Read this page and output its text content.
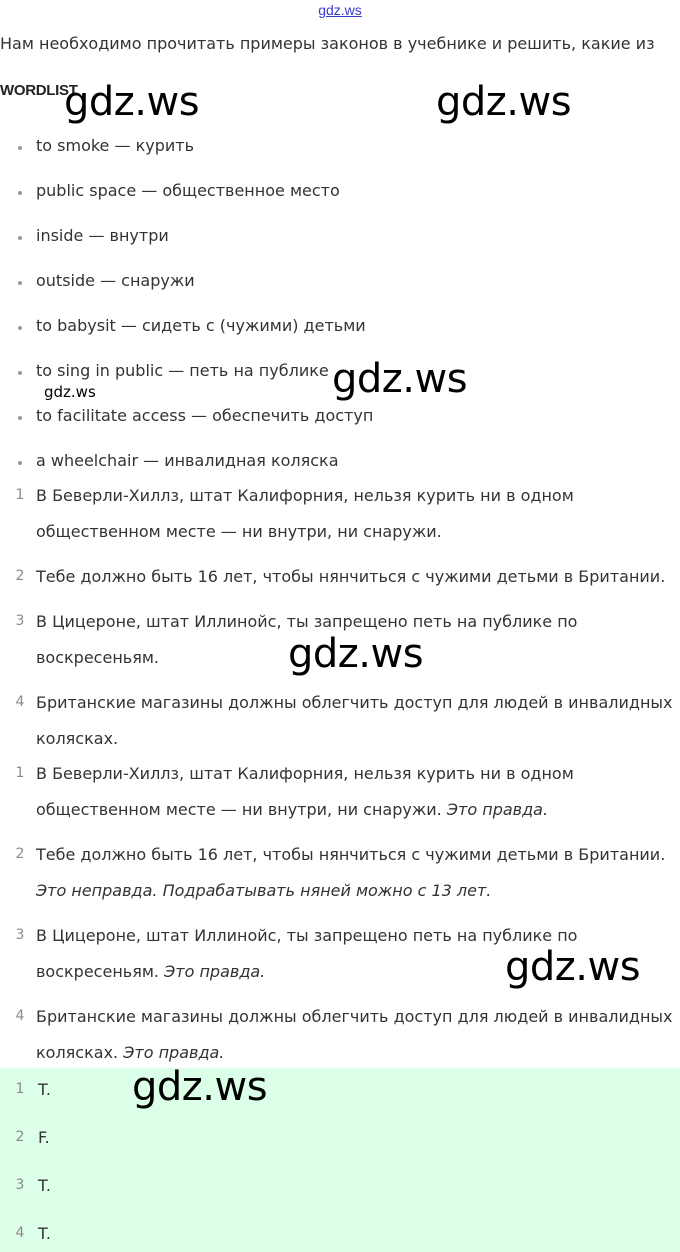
gdz.ws
Нам необходимо прочитать примеры законов в учебнике и решить, какие из
WORDLIST
to smoke — курить
public space — общественное место
inside — внутри
outside — снаружи
to babysit — сидеть с (чужими) детьми
to sing in public — петь на публике
to facilitate access — обеспечить доступ
a wheelchair — инвалидная коляска
1 В Беверли-Хиллз, штат Калифорния, нельзя курить ни в одном общественном месте — ни внутри, ни снаружи.
2 Тебе должно быть 16 лет, чтобы нянчиться с чужими детьми в Британии.
3 В Цицероне, штат Иллинойс, ты запрещено петь на публике по воскресеньям.
4 Британские магазины должны облегчить доступ для людей в инвалидных колясках.
1 В Беверли-Хиллз, штат Калифорния, нельзя курить ни в одном общественном месте — ни внутри, ни снаружи. Это правда.
2 Тебе должно быть 16 лет, чтобы нянчиться с чужими детьми в Британии. Это неправда. Подрабатывать няней можно с 13 лет.
3 В Цицероне, штат Иллинойс, ты запрещено петь на публике по воскресеньям. Это правда.
4 Британские магазины должны облегчить доступ для людей в инвалидных колясках. Это правда.
1 T.
2 F.
3 T.
4 T.
gdz.ws	gdz.ws
gdz.ws
gdz.ws
gdz.ws
gdz.ws
gdz.ws
